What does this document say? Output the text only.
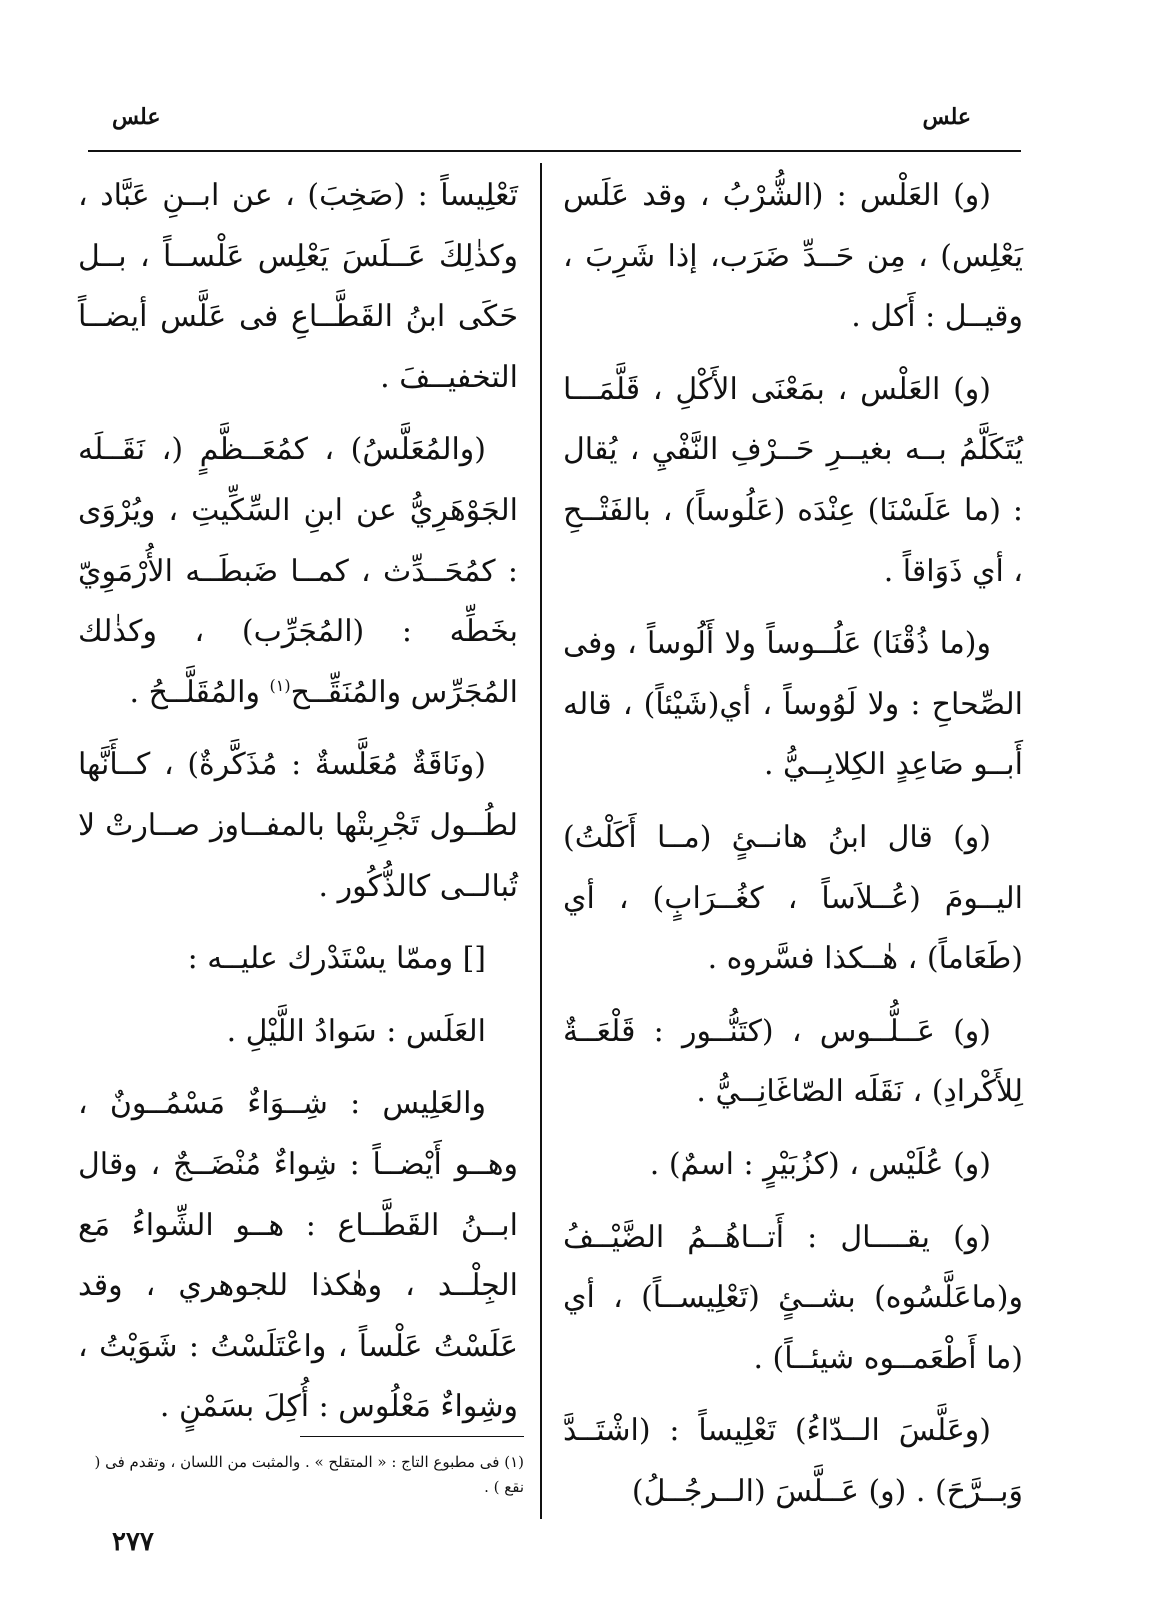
علس
علس

(و) العَلْس : (الشُّرْبُ ، وقد عَلَس يَعْلِس) ، مِن حَــدِّ ضَرَب، إذا شَرِبَ ، وقيــل : أَكل .

(و) العَلْس ، بمَعْنَى الأَكْلِ ، قَلَّمَـــا يُتَكَلَّمُ بــه بغيــرِ حَــرْفِ النَّفْيِ ، يُقال : (ما عَلَسْنَا) عِنْدَه (عَلُوساً) ، بالفَتْــحِ ، أي ذَوَاقاً .

و(ما ذُقْنَا) عَلُــوساً ولا أَلُوساً ، وفى الصِّحاحِ : ولا لَوُوساً ، أي(شَيْئاً) ، قاله أَبــو صَاعِدٍ الكِلابِــيُّ .

(و) قال ابنُ هانــئٍ (مــا أَكَلْتُ) اليــومَ (عُــلاَساً ، كغُــرَابٍ) ، أي (طَعَاماً) ، هٰــكذا فسَّروه .

(و) عَــلُّــوس ، (كتَنُّــور : قَلْعَــةٌ لِلأَكْرادِ) ، نَقَلَه الصّاغَانِــيُّ .

(و) عُلَيْس ، (كزُبَيْرٍ : اسمٌ) .

(و) يقــــال : أَتــاهُــمُ الضَّيْــفُ و(ماعَلَّسُوه) بشــئٍ (تَعْلِيســاً) ، أي (ما أَطْعَمــوه شيئــاً) .

(وعَلَّسَ الــدّاءُ) تَعْلِيساً : (اشْتَــدَّ وَبــرَّحَ) . (و) عَــلَّسَ (الــرجُــلُ)

تَعْلِيساً : (صَخِبَ) ، عن ابــنِ عَبَّاد ، وكذٰلِكَ عَــلَسَ يَعْلِس عَلْســاً ، بــل حَكَى ابنُ القَطَّــاعِ فى عَلَّس أيضــاً التخفيــفَ .

(والمُعَلَّسُ) ، كمُعَــظَّمٍ (، نَقَــلَه الجَوْهَرِيُّ عن ابنِ السِّكِّيتِ ، ويُرْوَى : كمُحَــدِّث ، كمــا ضَبطَــه الأُرْمَوِيّ بخَطِّه : (المُجَرِّب) ، وكذٰلك المُجَرِّس والمُنَقِّــح$^{(١)}$ والمُقَلَّــحُ .

(ونَاقَةٌ مُعَلَّسةٌ : مُذَكَّرةٌ) ، كــأَنَّها لطُــول تَجْرِبتْها بالمفــاوز صــارتْ لا تُبالــى كالذُّكُور .

[] وممّا يسْتَدْرك عليــه :

العَلَس : سَوادُ اللَّيْلِ .

والعَلِيس : شِــوَاءٌ مَسْمُــونٌ ، وهــو أَيْضــاً : شِواءٌ مُنْضَــجٌ ، وقال ابــنُ القَطَّــاع : هــو الشِّواءُ مَع الجِلْــد ، وهٰكذا للجوهري ، وقد عَلَسْتُ عَلْساً ، واعْتَلَسْتُ : شَوَيْتُ ، وشِواءٌ مَعْلُوس : أُكِلَ بسَمْنٍ .

(١) فى مطبوع التاج : « المتقلح » . والمثبت من اللسان ، وتقدم فى ( نقع ) .
٢٧٧
